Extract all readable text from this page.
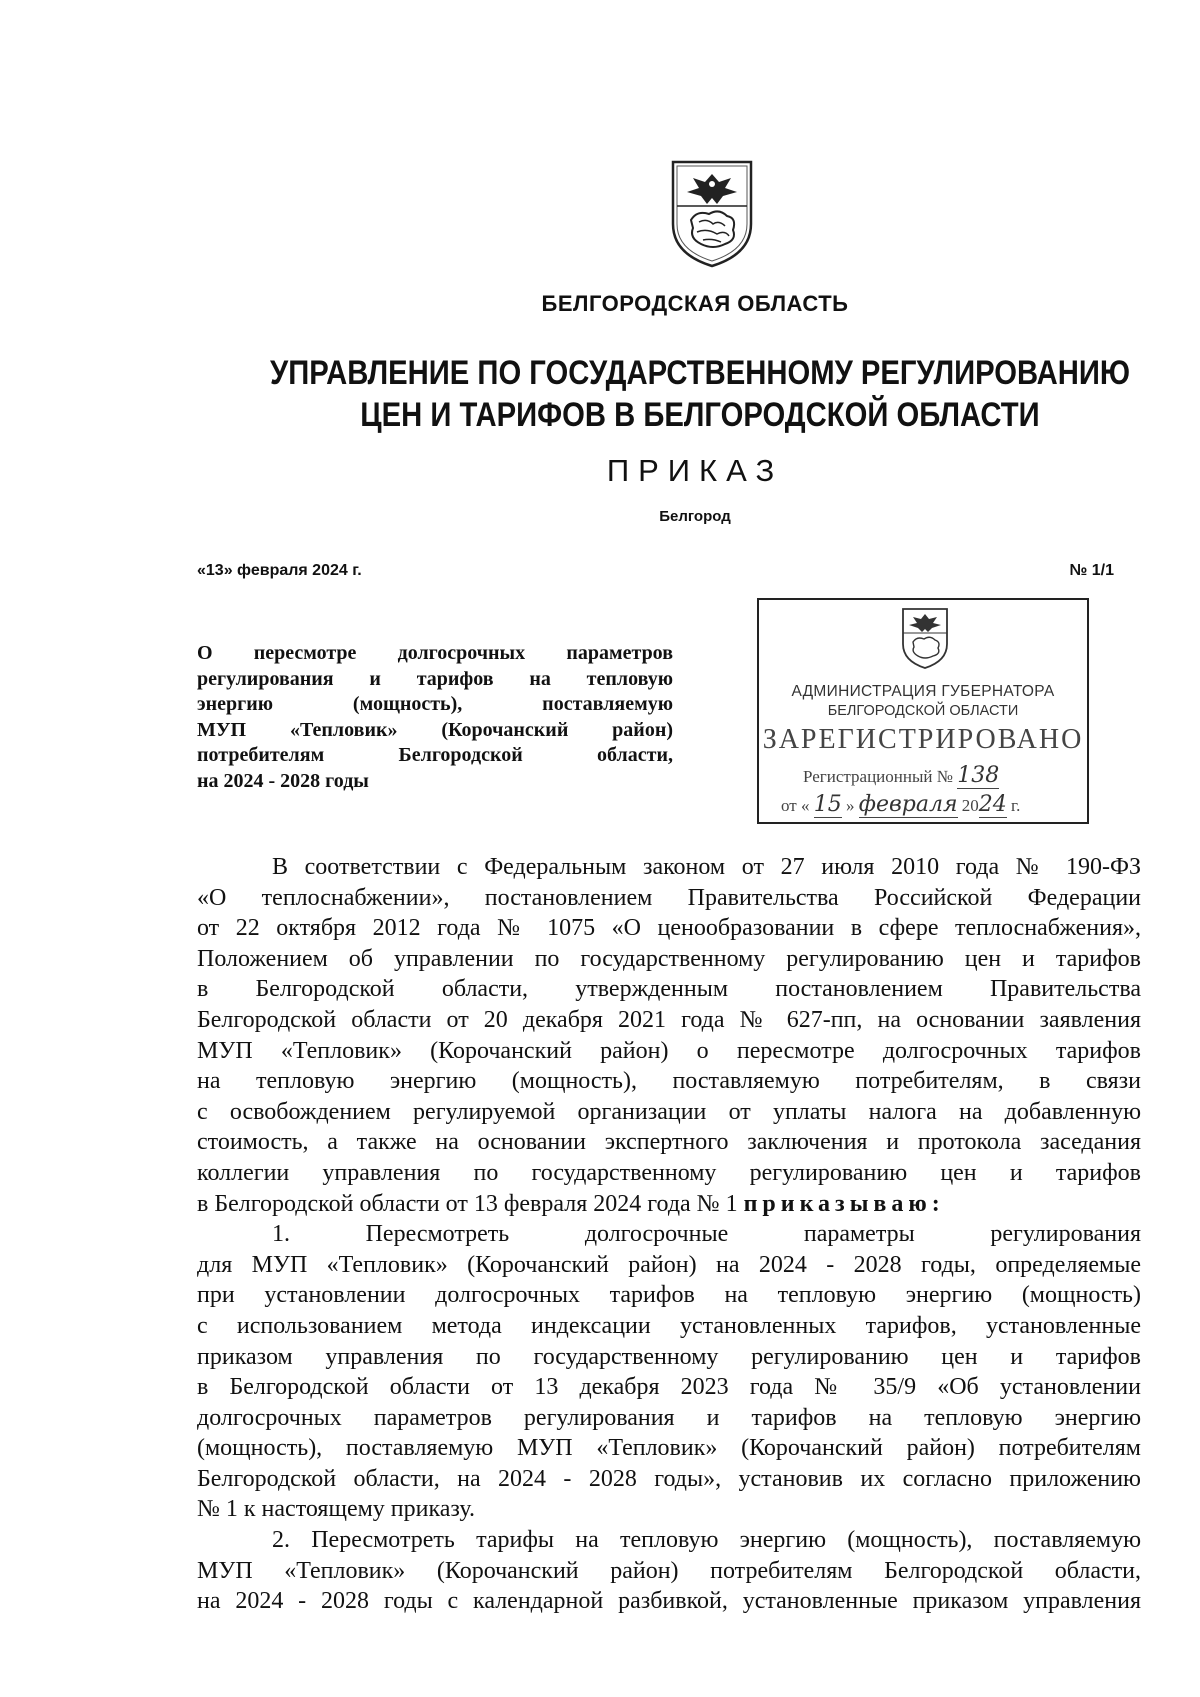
БЕЛГОРОДСКАЯ ОБЛАСТЬ
УПРАВЛЕНИЕ ПО ГОСУДАРСТВЕННОМУ РЕГУЛИРОВАНИЮ
ЦЕН И ТАРИФОВ В БЕЛГОРОДСКОЙ ОБЛАСТИ
ПРИКАЗ
Белгород
«13» февраля 2024 г.	№ 1/1
О пересмотре долгосрочных параметров
регулирования и тарифов на тепловую
энергию (мощность), поставляемую
МУП «Тепловик» (Корочанский район)
потребителям Белгородской области,
на 2024 - 2028 годы
АДМИНИСТРАЦИЯ ГУБЕРНАТОРА
БЕЛГОРОДСКОЙ ОБЛАСТИ
ЗАРЕГИСТРИРОВАНО
Регистрационный № 138
от « 15 » февраля 2024 г.
В соответствии с Федеральным законом от 27 июля 2010 года № 190-ФЗ
«О теплоснабжении», постановлением Правительства Российской Федерации
от 22 октября 2012 года № 1075 «О ценообразовании в сфере теплоснабжения»,
Положением об управлении по государственному регулированию цен и тарифов
в Белгородской области, утвержденным постановлением Правительства
Белгородской области от 20 декабря 2021 года № 627-пп, на основании заявления
МУП «Тепловик» (Корочанский район) о пересмотре долгосрочных тарифов
на тепловую энергию (мощность), поставляемую потребителям, в связи
с освобождением регулируемой организации от уплаты налога на добавленную
стоимость, а также на основании экспертного заключения и протокола заседания
коллегии управления по государственному регулированию цен и тарифов
в Белгородской области от 13 февраля 2024 года № 1 приказываю:
1. Пересмотреть долгосрочные параметры регулирования
для МУП «Тепловик» (Корочанский район) на 2024 - 2028 годы, определяемые
при установлении долгосрочных тарифов на тепловую энергию (мощность)
с использованием метода индексации установленных тарифов, установленные
приказом управления по государственному регулированию цен и тарифов
в Белгородской области от 13 декабря 2023 года № 35/9 «Об установлении
долгосрочных параметров регулирования и тарифов на тепловую энергию
(мощность), поставляемую МУП «Тепловик» (Корочанский район) потребителям
Белгородской области, на 2024 - 2028 годы», установив их согласно приложению
№ 1 к настоящему приказу.
2. Пересмотреть тарифы на тепловую энергию (мощность), поставляемую
МУП «Тепловик» (Корочанский район) потребителям Белгородской области,
на 2024 - 2028 годы с календарной разбивкой, установленные приказом управления
